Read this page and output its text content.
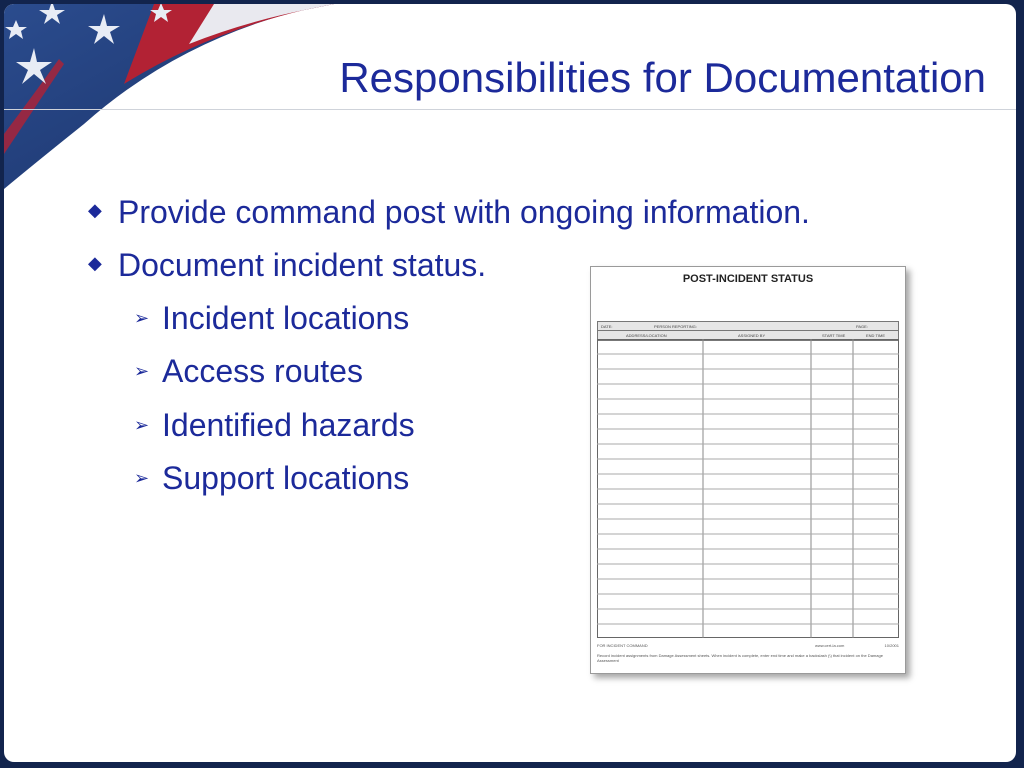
Responsibilities for Documentation
◆ Provide command post with ongoing information.
◆ Document incident status.
➢ Incident locations
➢ Access routes
➢ Identified hazards
➢ Support locations
POST-INCIDENT STATUS
DATE:	PERSON REPORTING:	PAGE:
ADDRESS/LOCATION	ASSIGNED BY	START TIME	END TIME
FOR INCIDENT COMMAND	www.cert-la.com	10/2001
Record incident assignments from Damage Assessment sheets. When incident is complete, enter end time and make a backslash (\) that incident on the Damage Assessment
